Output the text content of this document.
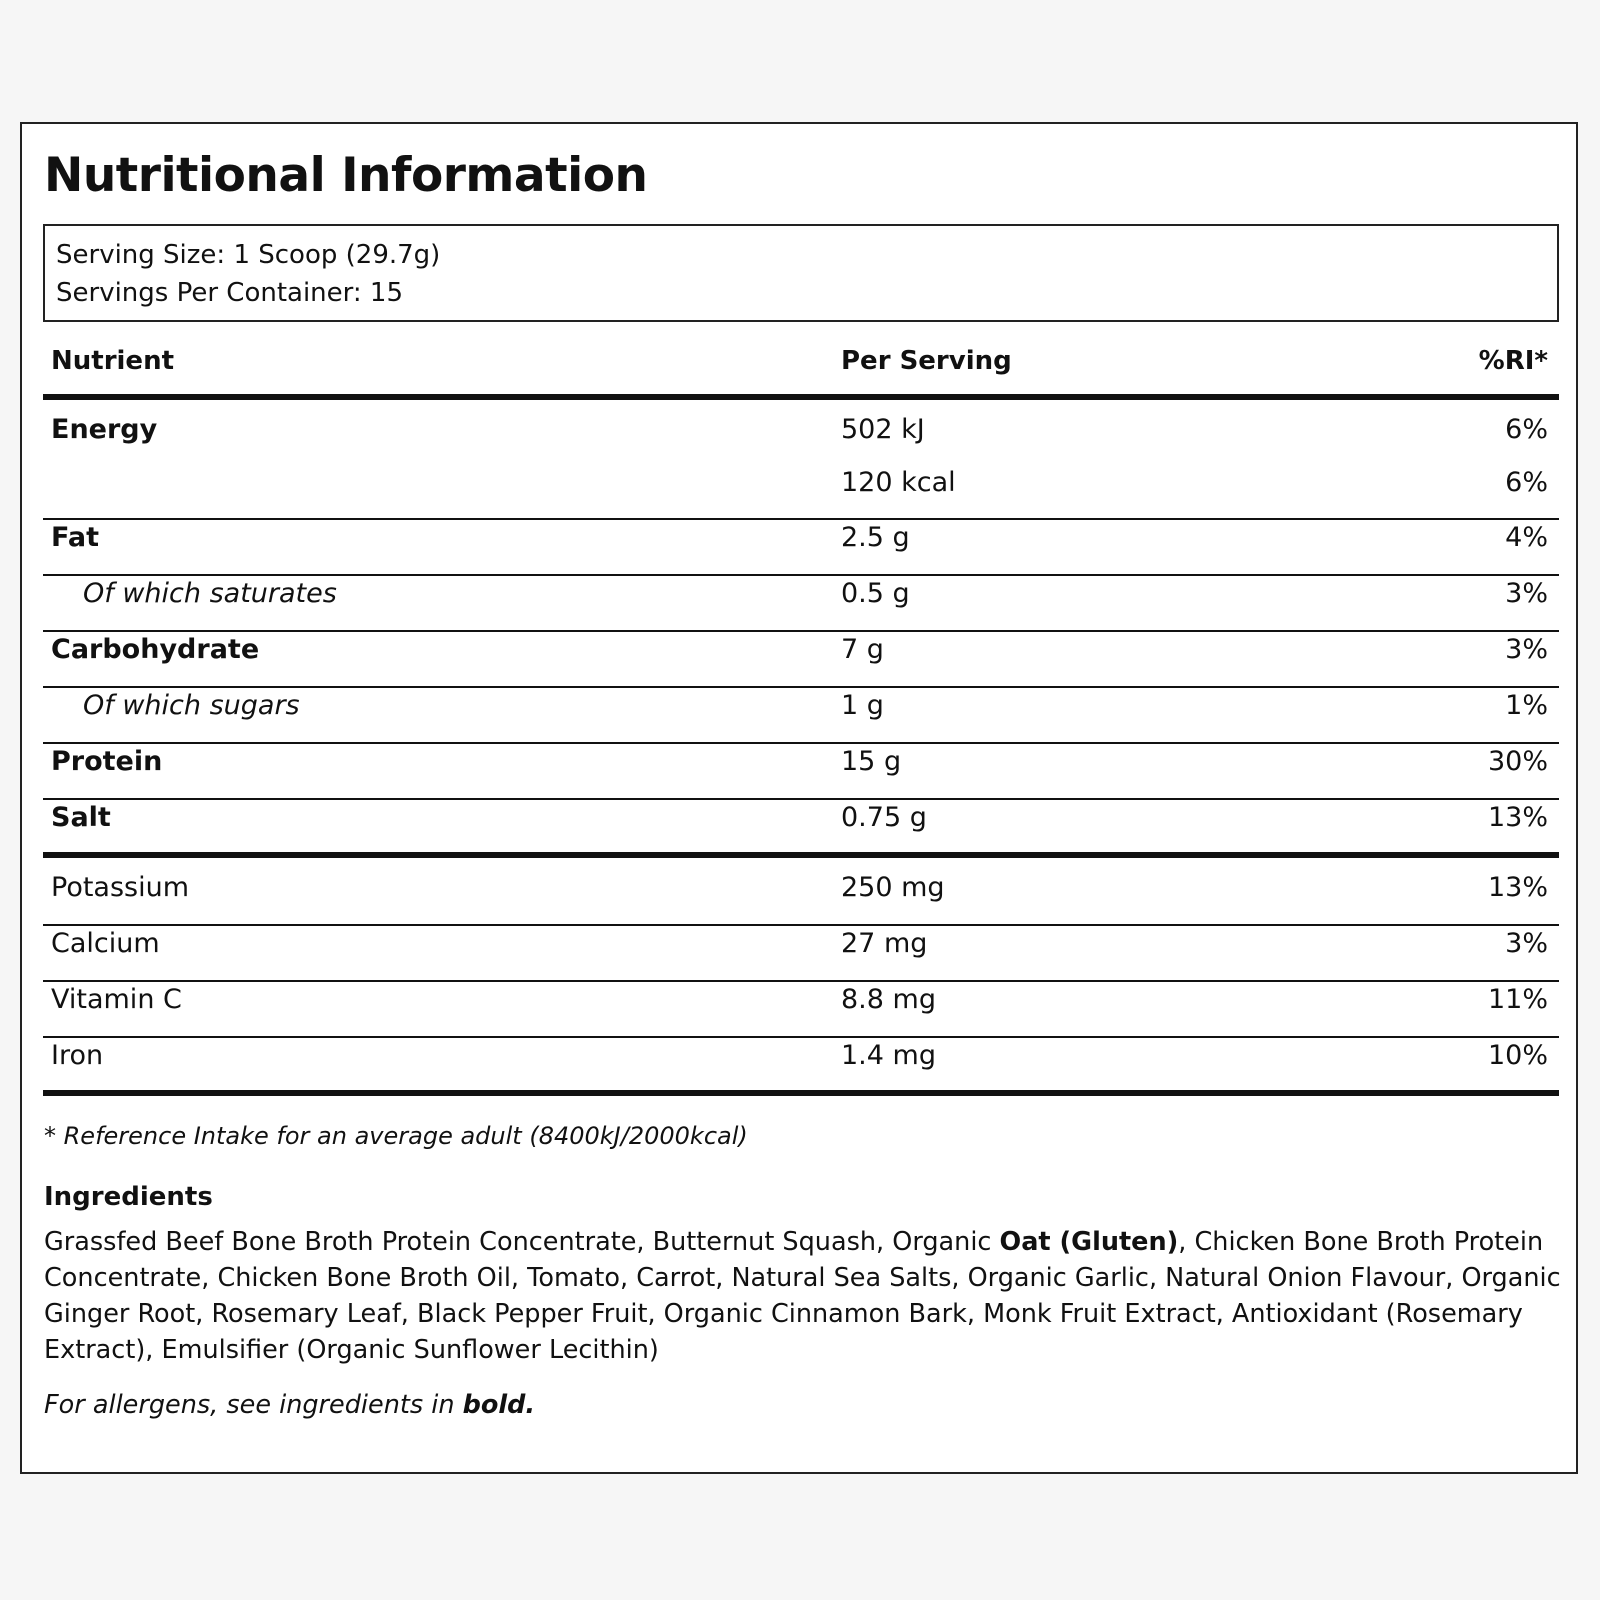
Nutritional Information
Serving Size: 1 Scoop (29.7g)
Servings Per Container: 15
Nutrient	Per Serving	%RI*
Energy	502 kJ	6%
120 kcal	6%
Fat	2.5 g	4%
Of which saturates	0.5 g	3%
Carbohydrate	7 g	3%
Of which sugars	1 g	1%
Protein	15 g	30%
Salt	0.75 g	13%
Potassium	250 mg	13%
Calcium	27 mg	3%
Vitamin C	8.8 mg	11%
Iron	1.4 mg	10%
* Reference Intake for an average adult (8400kJ/2000kcal)
Ingredients
Grassfed Beef Bone Broth Protein Concentrate, Butternut Squash, Organic Oat (Gluten), Chicken Bone Broth Protein Concentrate, Chicken Bone Broth Oil, Tomato, Carrot, Natural Sea Salts, Organic Garlic, Natural Onion Flavour, Organic Ginger Root, Rosemary Leaf, Black Pepper Fruit, Organic Cinnamon Bark, Monk Fruit Extract, Antioxidant (Rosemary Extract), Emulsifier (Organic Sunflower Lecithin)
For allergens, see ingredients in bold.
